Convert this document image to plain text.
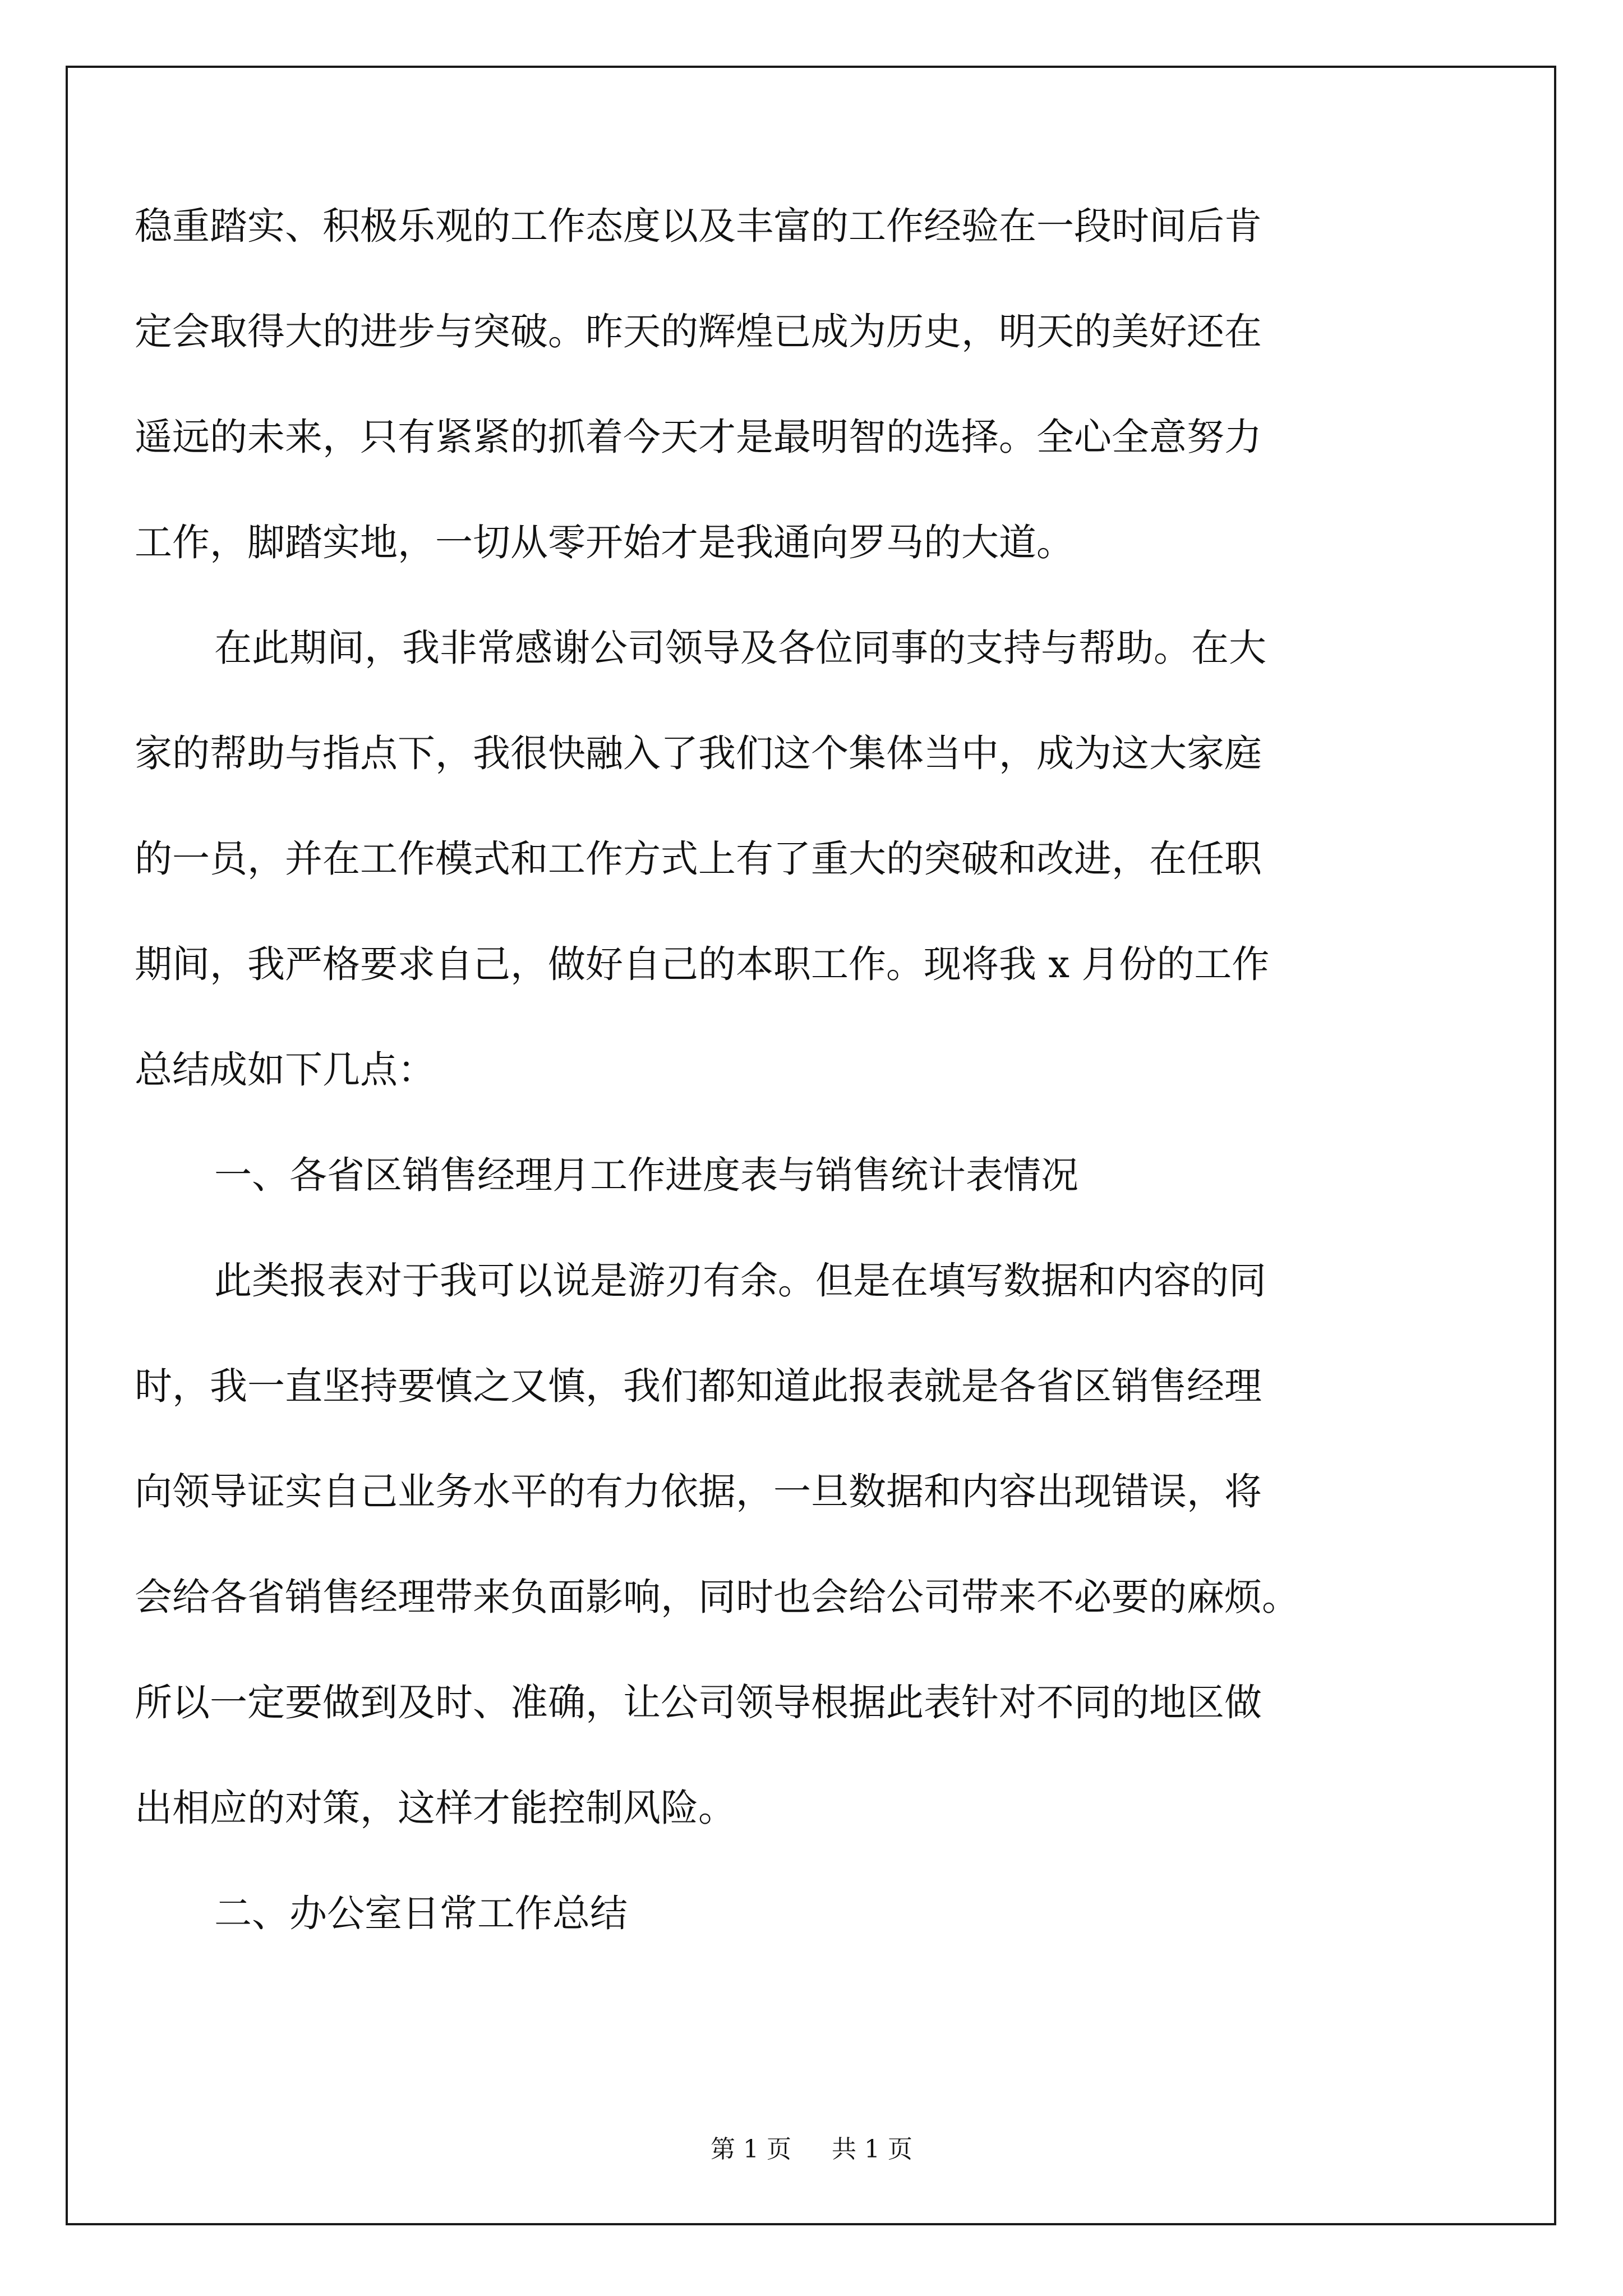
稳重踏实、积极乐观的工作态度以及丰富的工作经验在一段时间后肯
定会取得大的进步与突破。昨天的辉煌已成为历史，明天的美好还在
遥远的未来，只有紧紧的抓着今天才是最明智的选择。全心全意努力
工作，脚踏实地，一切从零开始才是我通向罗马的大道。
在此期间，我非常感谢公司领导及各位同事的支持与帮助。在大
家的帮助与指点下，我很快融入了我们这个集体当中，成为这大家庭
的一员，并在工作模式和工作方式上有了重大的突破和改进，在任职
期间，我严格要求自己，做好自己的本职工作。现将我 x 月份的工作
总结成如下几点：
一、各省区销售经理月工作进度表与销售统计表情况
此类报表对于我可以说是游刃有余。但是在填写数据和内容的同
时，我一直坚持要慎之又慎，我们都知道此报表就是各省区销售经理
向领导证实自己业务水平的有力依据，一旦数据和内容出现错误，将
会给各省销售经理带来负面影响，同时也会给公司带来不必要的麻烦。
所以一定要做到及时、准确，让公司领导根据此表针对不同的地区做
出相应的对策，这样才能控制风险。
二、办公室日常工作总结
第 1 页 共 1 页
